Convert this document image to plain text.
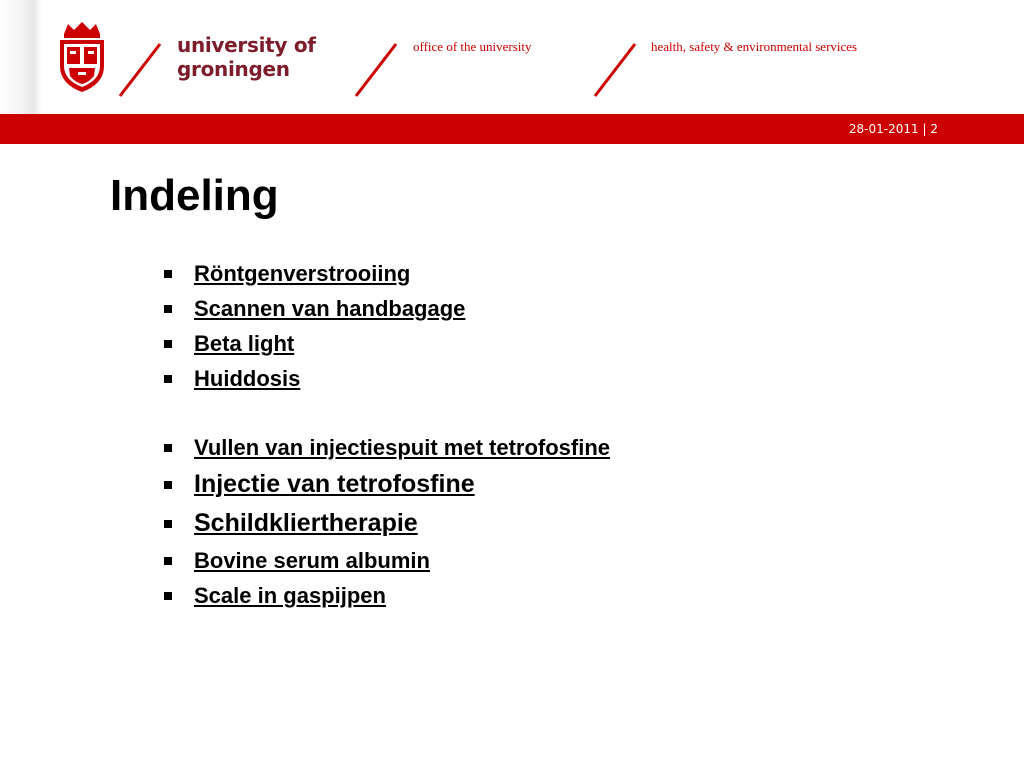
university of
groningen
office of the university	health, safety & environmental services
28-01-2011 | 2
Indeling
Röntgenverstrooiing
Scannen van handbagage
Beta light
Huiddosis
Vullen van injectiespuit met tetrofosfine
Injectie van tetrofosfine
Schildkliertherapie
Bovine serum albumin
Scale in gaspijpen
